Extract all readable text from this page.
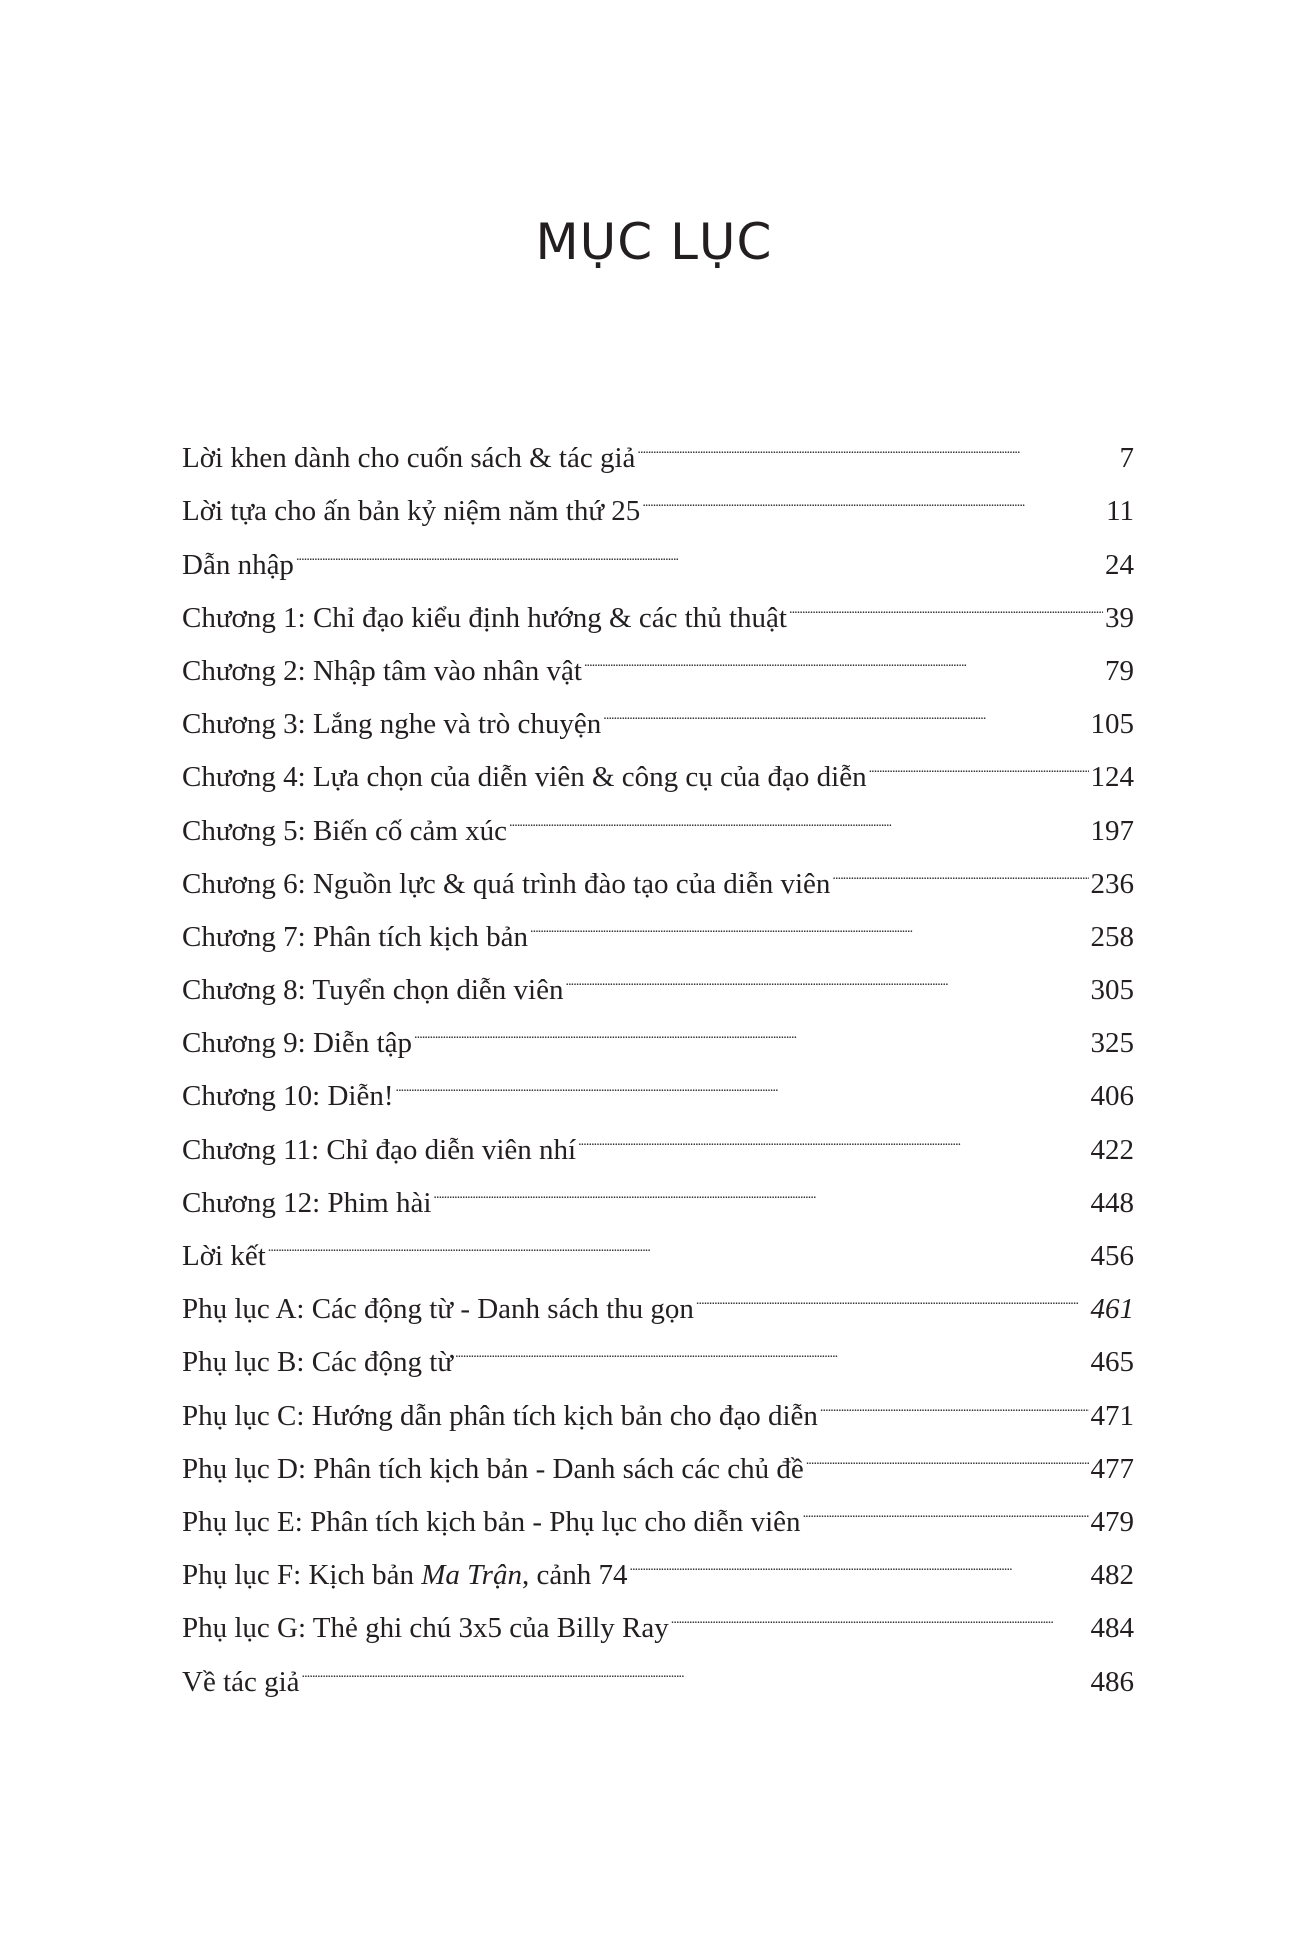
MỤC LỤC
Lời khen dành cho cuốn sách & tác giả . . .	7
Lời tựa cho ấn bản kỷ niệm năm thứ 25 . . .	11
Dẫn nhập . . .	24
Chương 1: Chỉ đạo kiểu định hướng & các thủ thuật . . .	39
Chương 2: Nhập tâm vào nhân vật . . .	79
Chương 3: Lắng nghe và trò chuyện . . .	105
Chương 4: Lựa chọn của diễn viên & công cụ của đạo diễn . . .	124
Chương 5: Biến cố cảm xúc . . .	197
Chương 6: Nguồn lực & quá trình đào tạo của diễn viên . . .	236
Chương 7: Phân tích kịch bản . . .	258
Chương 8: Tuyển chọn diễn viên . . .	305
Chương 9: Diễn tập . . .	325
Chương 10: Diễn! . . .	406
Chương 11: Chỉ đạo diễn viên nhí . . .	422
Chương 12: Phim hài . . .	448
Lời kết . . .	456
Phụ lục A: Các động từ - Danh sách thu gọn . . .	461
Phụ lục B: Các động từ . . .	465
Phụ lục C: Hướng dẫn phân tích kịch bản cho đạo diễn . . .	471
Phụ lục D: Phân tích kịch bản - Danh sách các chủ đề . . .	477
Phụ lục E: Phân tích kịch bản - Phụ lục cho diễn viên . . .	479
Phụ lục F: Kịch bản Ma Trận, cảnh 74 . . .	482
Phụ lục G: Thẻ ghi chú 3x5 của Billy Ray . . .	484
Về tác giả . . .	486
